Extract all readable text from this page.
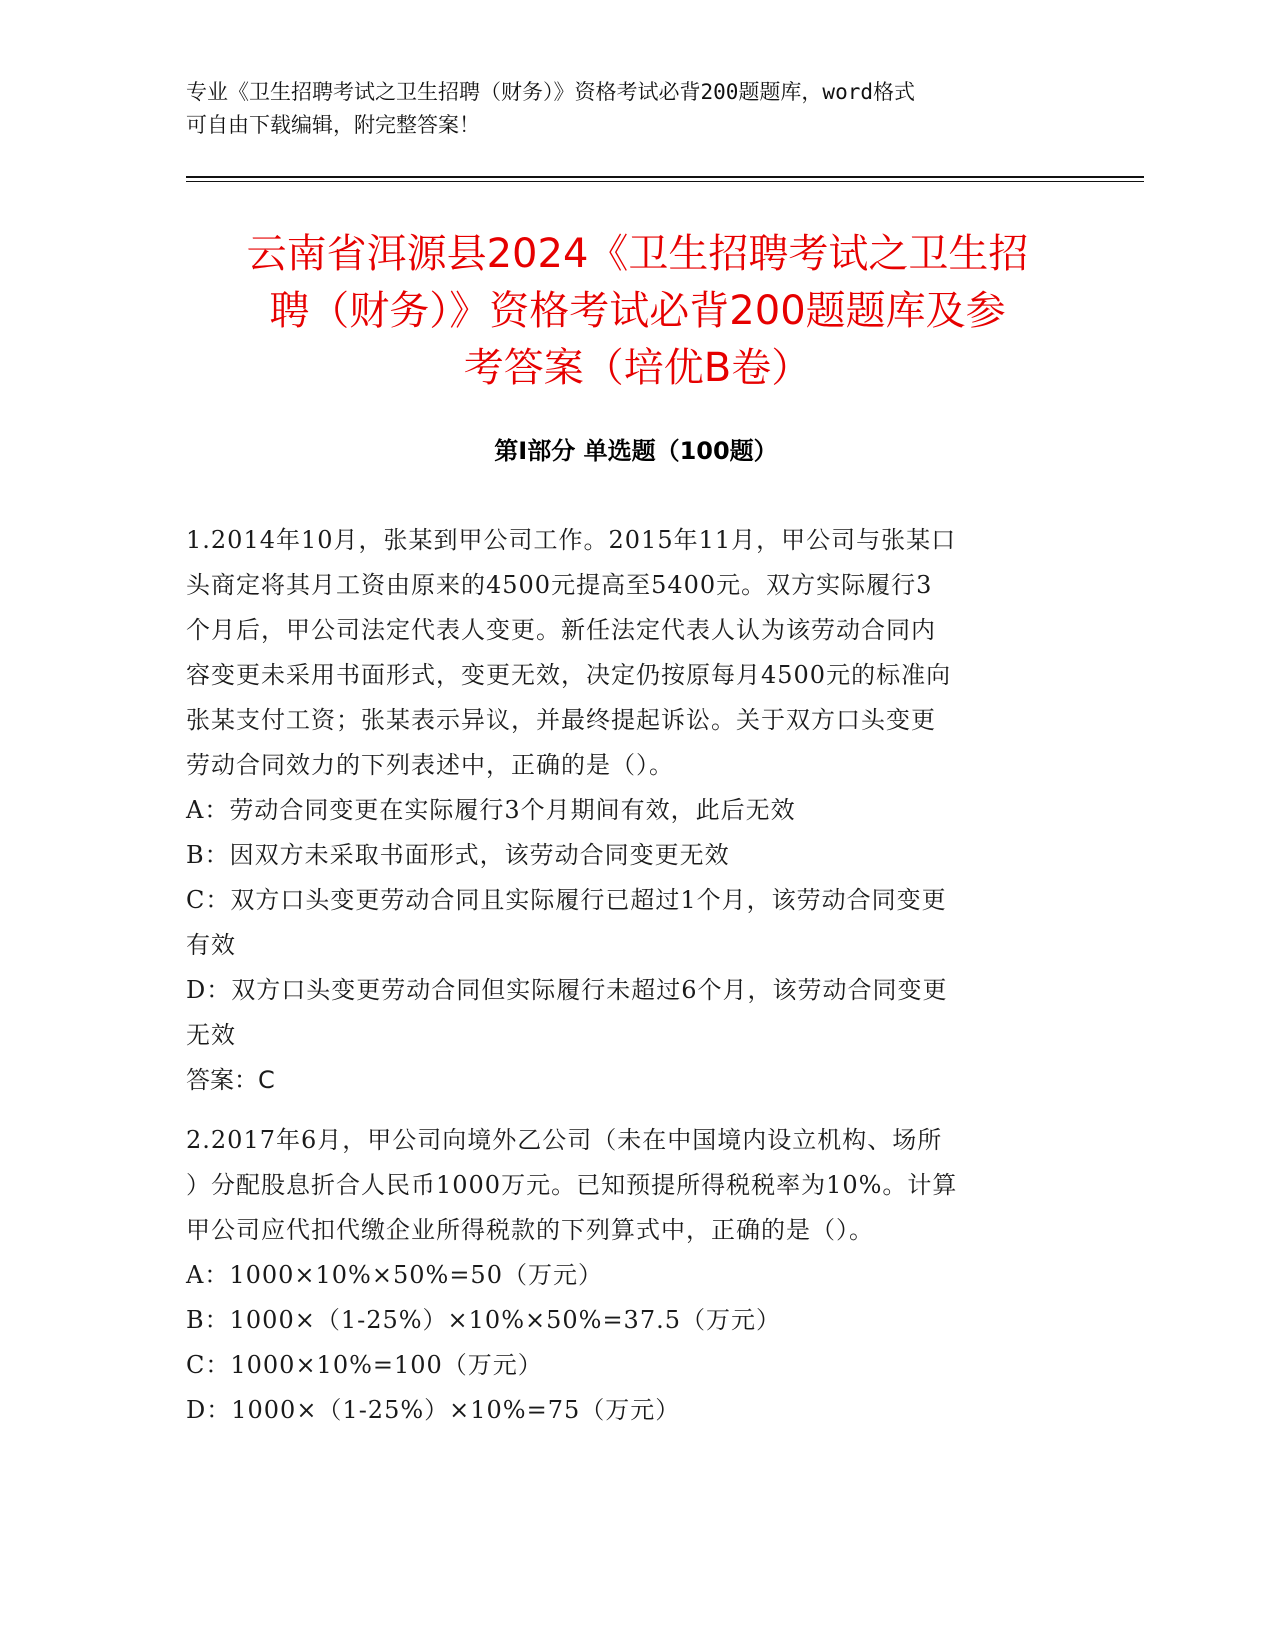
专业《卫生招聘考试之卫生招聘（财务）》资格考试必背200题题库，word格式

可自由下载编辑，附完整答案！

云南省洱源县2024《卫生招聘考试之卫生招
聘（财务）》资格考试必背200题题库及参
考答案（培优B卷）
第Ⅰ部分 单选题（100题）

1.2014年10月，张某到甲公司工作。2015年11月，甲公司与张某口

头商定将其月工资由原来的4500元提高至5400元。双方实际履行3

个月后，甲公司法定代表人变更。新任法定代表人认为该劳动合同内

容变更未采用书面形式，变更无效，决定仍按原每月4500元的标准向

张某支付工资；张某表示异议，并最终提起诉讼。关于双方口头变更

劳动合同效力的下列表述中，正确的是（）。

A：劳动合同变更在实际履行3个月期间有效，此后无效

B：因双方未采取书面形式，该劳动合同变更无效

C：双方口头变更劳动合同且实际履行已超过1个月，该劳动合同变更

有效

D：双方口头变更劳动合同但实际履行未超过6个月，该劳动合同变更

无效

答案：C

2.2017年6月，甲公司向境外乙公司（未在中国境内设立机构、场所

）分配股息折合人民币1000万元。已知预提所得税税率为10%。计算

甲公司应代扣代缴企业所得税款的下列算式中，正确的是（）。

A：1000×10%×50%=50（万元）

B：1000×（1-25%）×10%×50%=37.5（万元）

C：1000×10%=100（万元）

D：1000×（1-25%）×10%=75（万元）
